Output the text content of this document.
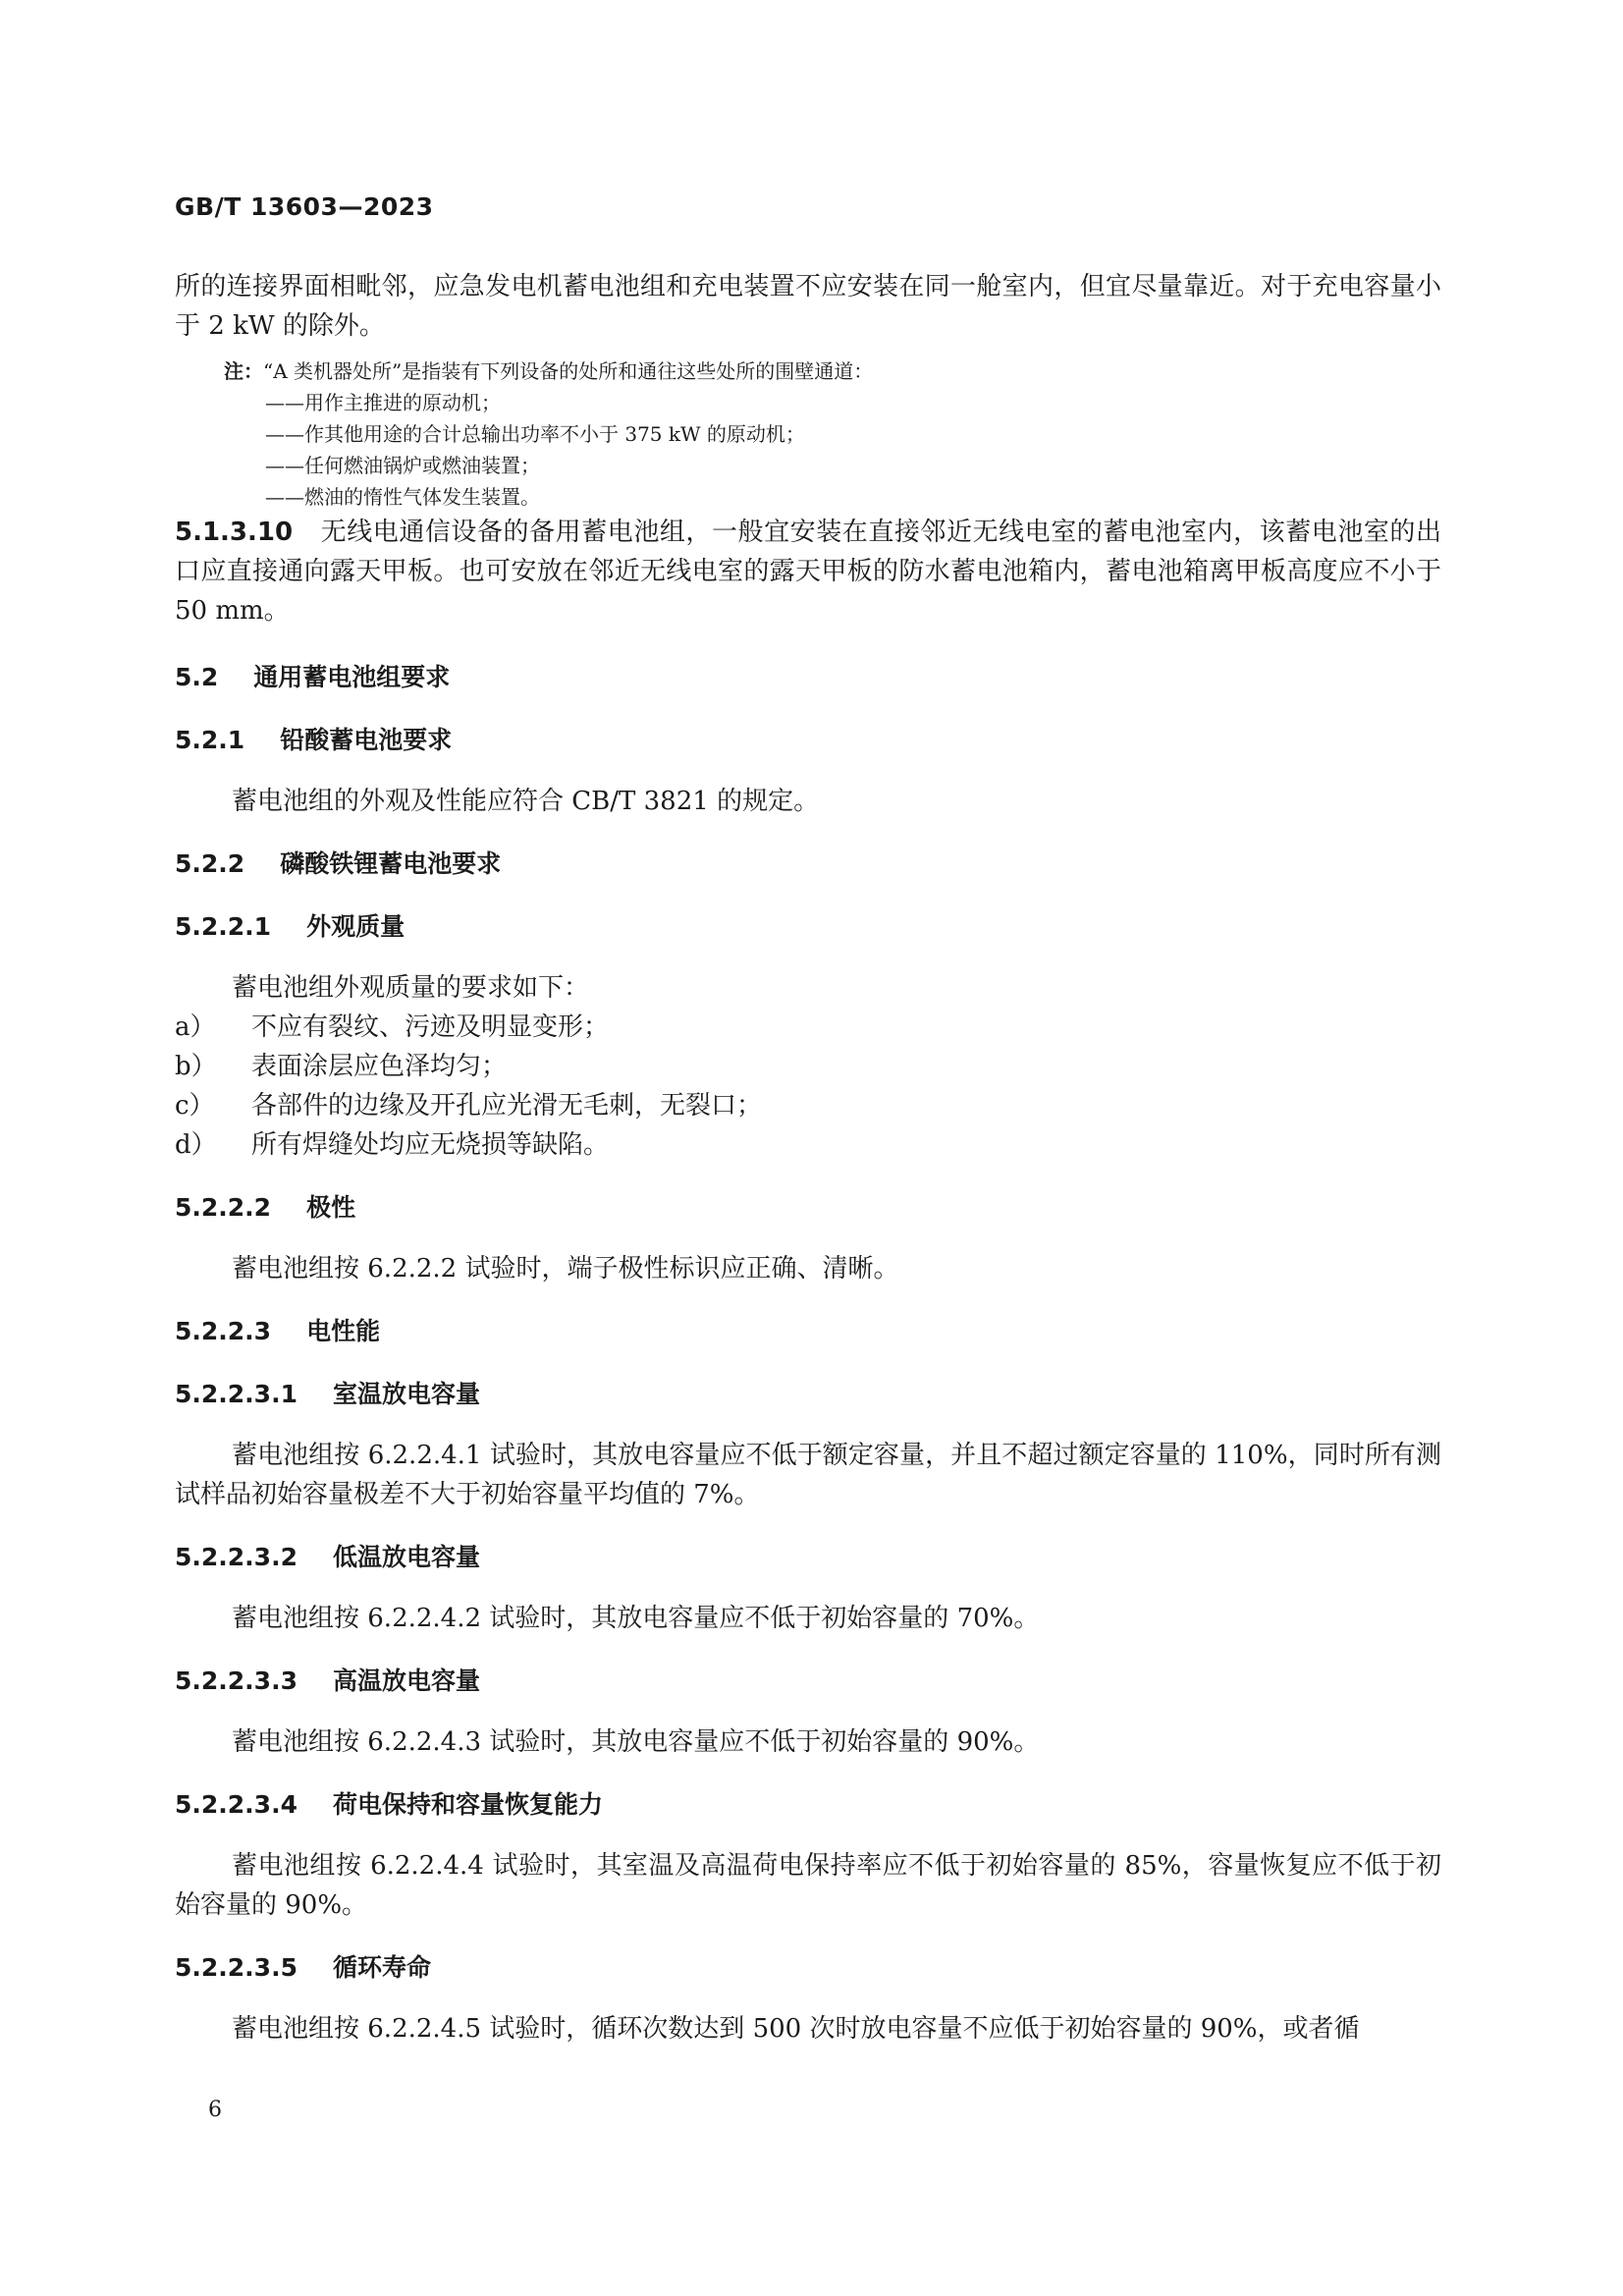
GB/T 13603—2023

所的连接界面相毗邻，应急发电机蓄电池组和充电装置不应安装在同一舱室内，但宜尽量靠近。对于充电容量小于 2 kW 的除外。

注：“A 类机器处所”是指装有下列设备的处所和通往这些处所的围壁通道：

——用作主推进的原动机；

——作其他用途的合计总输出功率不小于 375 kW 的原动机；

——任何燃油锅炉或燃油装置；

——燃油的惰性气体发生装置。

5.1.3.10 无线电通信设备的备用蓄电池组，一般宜安装在直接邻近无线电室的蓄电池室内，该蓄电池室的出口应直接通向露天甲板。也可安放在邻近无线电室的露天甲板的防水蓄电池箱内，蓄电池箱离甲板高度应不小于 50 mm。

5.2 通用蓄电池组要求
5.2.1 铅酸蓄电池要求

蓄电池组的外观及性能应符合 CB/T 3821 的规定。

5.2.2 磷酸铁锂蓄电池要求
5.2.2.1 外观质量

蓄电池组外观质量的要求如下：

a） 不应有裂纹、污迹及明显变形；

b） 表面涂层应色泽均匀；

c） 各部件的边缘及开孔应光滑无毛刺，无裂口；

d） 所有焊缝处均应无烧损等缺陷。

5.2.2.2 极性

蓄电池组按 6.2.2.2 试验时，端子极性标识应正确、清晰。

5.2.2.3 电性能
5.2.2.3.1 室温放电容量

蓄电池组按 6.2.2.4.1 试验时，其放电容量应不低于额定容量，并且不超过额定容量的 110%，同时所有测试样品初始容量极差不大于初始容量平均值的 7%。

5.2.2.3.2 低温放电容量

蓄电池组按 6.2.2.4.2 试验时，其放电容量应不低于初始容量的 70%。

5.2.2.3.3 高温放电容量

蓄电池组按 6.2.2.4.3 试验时，其放电容量应不低于初始容量的 90%。

5.2.2.3.4 荷电保持和容量恢复能力

蓄电池组按 6.2.2.4.4 试验时，其室温及高温荷电保持率应不低于初始容量的 85%，容量恢复应不低于初始容量的 90%。

5.2.2.3.5 循环寿命

蓄电池组按 6.2.2.4.5 试验时，循环次数达到 500 次时放电容量不应低于初始容量的 90%，或者循

6
